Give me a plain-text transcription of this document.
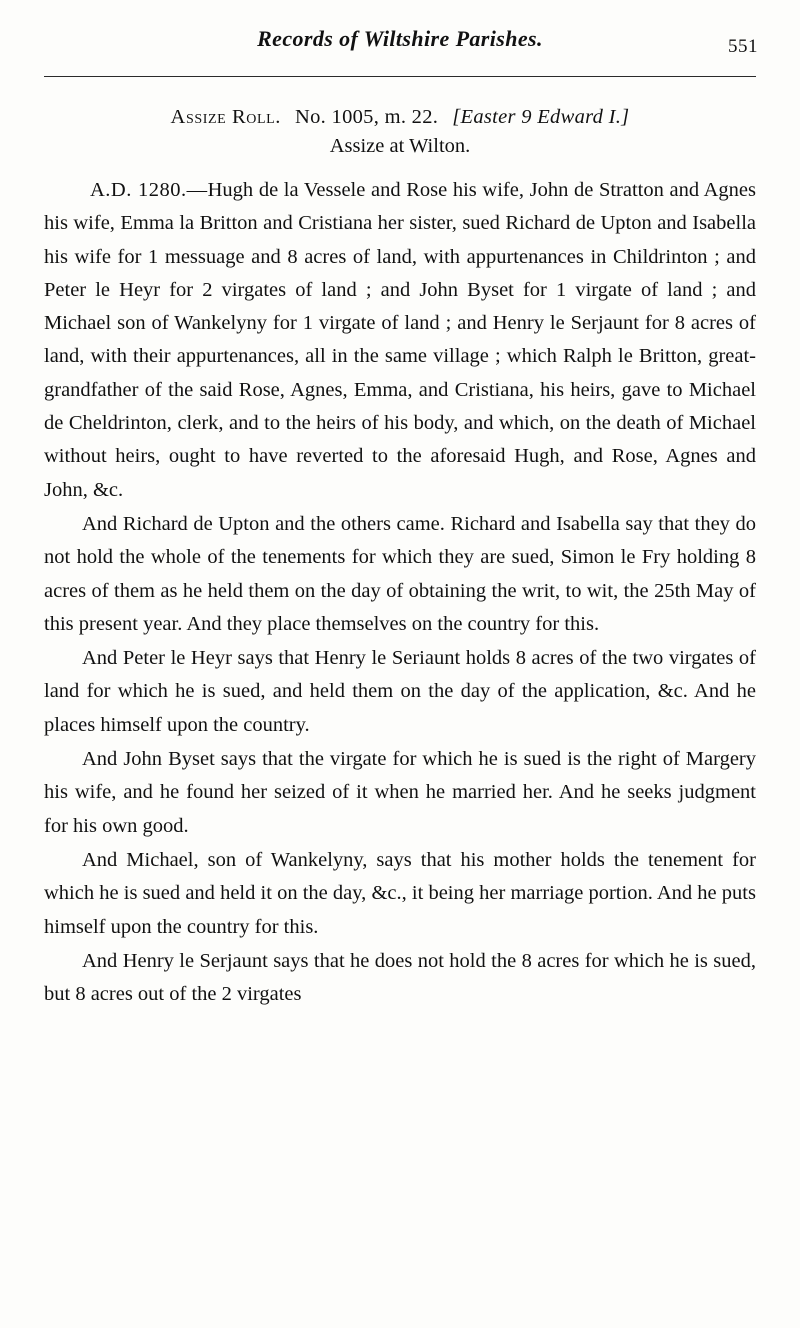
Records of Wiltshire Parishes.	551
Assize Roll. No. 1005, m. 22. [Easter 9 Edward I.]
Assize at Wilton.

A.D. 1280.—Hugh de la Vessele and Rose his wife, John de Stratton and Agnes his wife, Emma la Britton and Cristiana her sister, sued Richard de Upton and Isabella his wife for 1 messuage and 8 acres of land, with appurtenances in Childrinton ; and Peter le Heyr for 2 virgates of land ; and John Byset for 1 virgate of land ; and Michael son of Wankelyny for 1 virgate of land ; and Henry le Serjaunt for 8 acres of land, with their appurtenances, all in the same village ; which Ralph le Britton, great-grandfather of the said Rose, Agnes, Emma, and Cristiana, his heirs, gave to Michael de Cheldrinton, clerk, and to the heirs of his body, and which, on the death of Michael without heirs, ought to have reverted to the aforesaid Hugh, and Rose, Agnes and John, &c.

And Richard de Upton and the others came. Richard and Isabella say that they do not hold the whole of the tenements for which they are sued, Simon le Fry holding 8 acres of them as he held them on the day of obtaining the writ, to wit, the 25th May of this present year. And they place themselves on the country for this.

And Peter le Heyr says that Henry le Seriaunt holds 8 acres of the two virgates of land for which he is sued, and held them on the day of the application, &c. And he places himself upon the country.

And John Byset says that the virgate for which he is sued is the right of Margery his wife, and he found her seized of it when he married her. And he seeks judgment for his own good.

And Michael, son of Wankelyny, says that his mother holds the tenement for which he is sued and held it on the day, &c., it being her marriage portion. And he puts himself upon the country for this.

And Henry le Serjaunt says that he does not hold the 8 acres for which he is sued, but 8 acres out of the 2 virgates
